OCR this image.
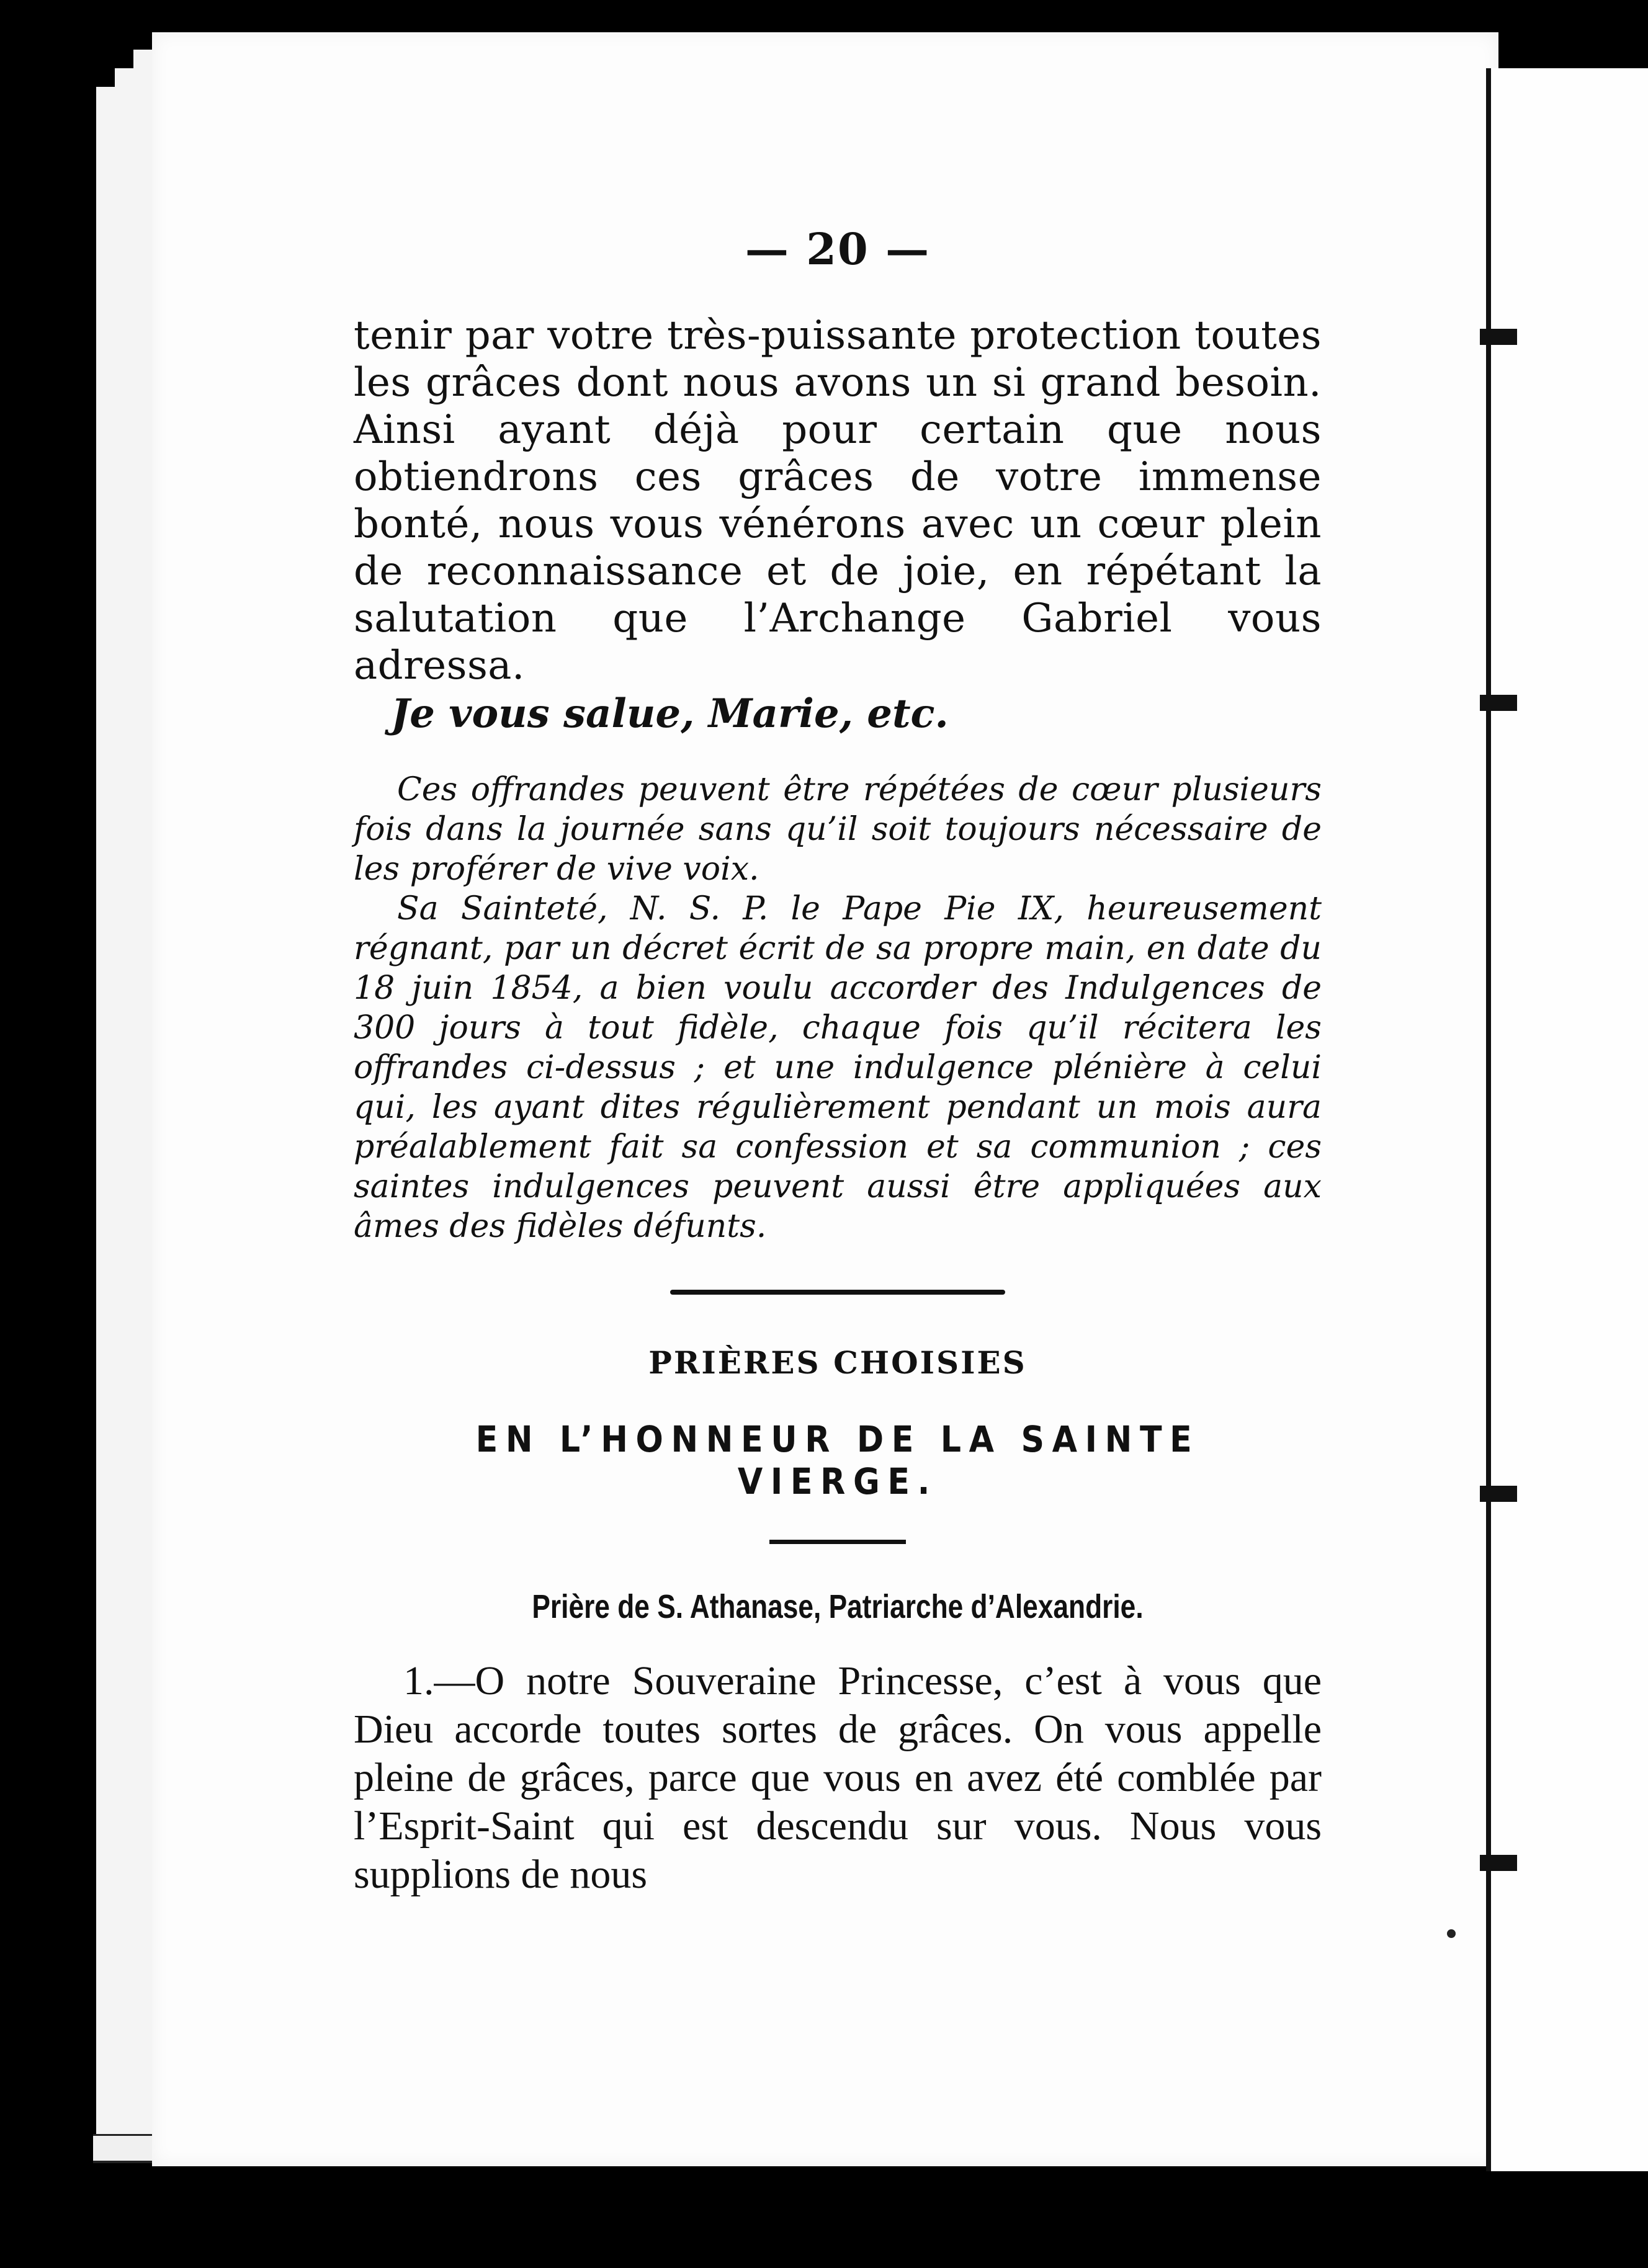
— 20 —

tenir par votre très-puissante protection toutes les grâces dont nous avons un si grand besoin. Ainsi ayant déjà pour certain que nous obtiendrons ces grâces de votre immense bonté, nous vous vénérons avec un cœur plein de reconnaissance et de joie, en répétant la salutation que l’Archange Gabriel vous adressa.

Je vous salue, Marie, etc.

Ces offrandes peuvent être répétées de cœur plusieurs fois dans la journée sans qu’il soit toujours nécessaire de les proférer de vive voix.

Sa Sainteté, N. S. P. le Pape Pie IX, heureusement régnant, par un décret écrit de sa propre main, en date du 18 juin 1854, a bien voulu accorder des Indulgences de 300 jours à tout fidèle, chaque fois qu’il récitera les offrandes ci-dessus ; et une indulgence plénière à celui qui, les ayant dites régulièrement pendant un mois aura préalablement fait sa confession et sa communion ; ces saintes indulgences peuvent aussi être appliquées aux âmes des fidèles défunts.

PRIÈRES CHOISIES
EN L’HONNEUR DE LA SAINTE VIERGE.
Prière de S. Athanase, Patriarche d’Alexandrie.

1.—O notre Souveraine Princesse, c’est à vous que Dieu accorde toutes sortes de grâces. On vous appelle pleine de grâces, parce que vous en avez été comblée par l’Esprit-Saint qui est descendu sur vous. Nous vous supplions de nous
